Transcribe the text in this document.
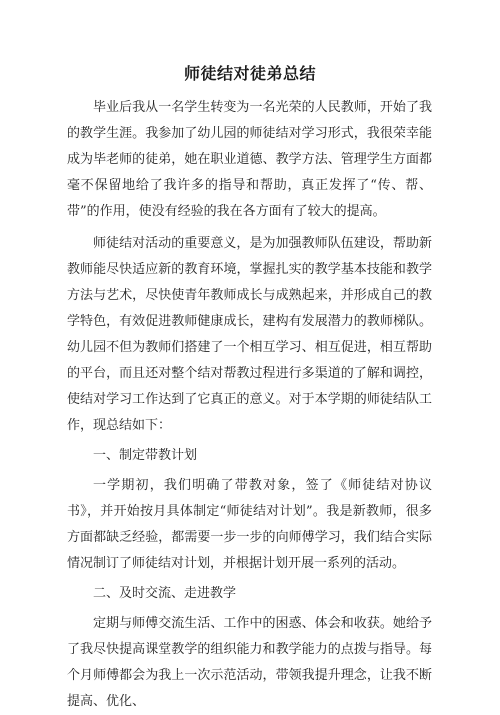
师徒结对徒弟总结

毕业后我从一名学生转变为一名光荣的人民教师，开始了我的教学生涯。我参加了幼儿园的师徒结对学习形式，我很荣幸能成为毕老师的徒弟，她在职业道德、教学方法、管理学生方面都毫不保留地给了我许多的指导和帮助，真正发挥了“传、帮、带”的作用，使没有经验的我在各方面有了较大的提高。

师徒结对活动的重要意义，是为加强教师队伍建设，帮助新教师能尽快适应新的教育环境，掌握扎实的教学基本技能和教学方法与艺术，尽快使青年教师成长与成熟起来，并形成自己的教学特色，有效促进教师健康成长，建构有发展潜力的教师梯队。幼儿园不但为教师们搭建了一个相互学习、相互促进，相互帮助的平台，而且还对整个结对帮教过程进行多渠道的了解和调控，使结对学习工作达到了它真正的意义。对于本学期的师徒结队工作，现总结如下：

一、制定带教计划

一学期初，我们明确了带教对象，签了《师徒结对协议书》，并开始按月具体制定“师徒结对计划”。我是新教师，很多方面都缺乏经验，都需要一步一步的向师傅学习，我们结合实际情况制订了师徒结对计划，并根据计划开展一系列的活动。

二、及时交流、走进教学

定期与师傅交流生活、工作中的困惑、体会和收获。她给予了我尽快提高课堂教学的组织能力和教学能力的点拨与指导。每个月师傅都会为我上一次示范活动，带领我提升理念，让我不断提高、优化、
